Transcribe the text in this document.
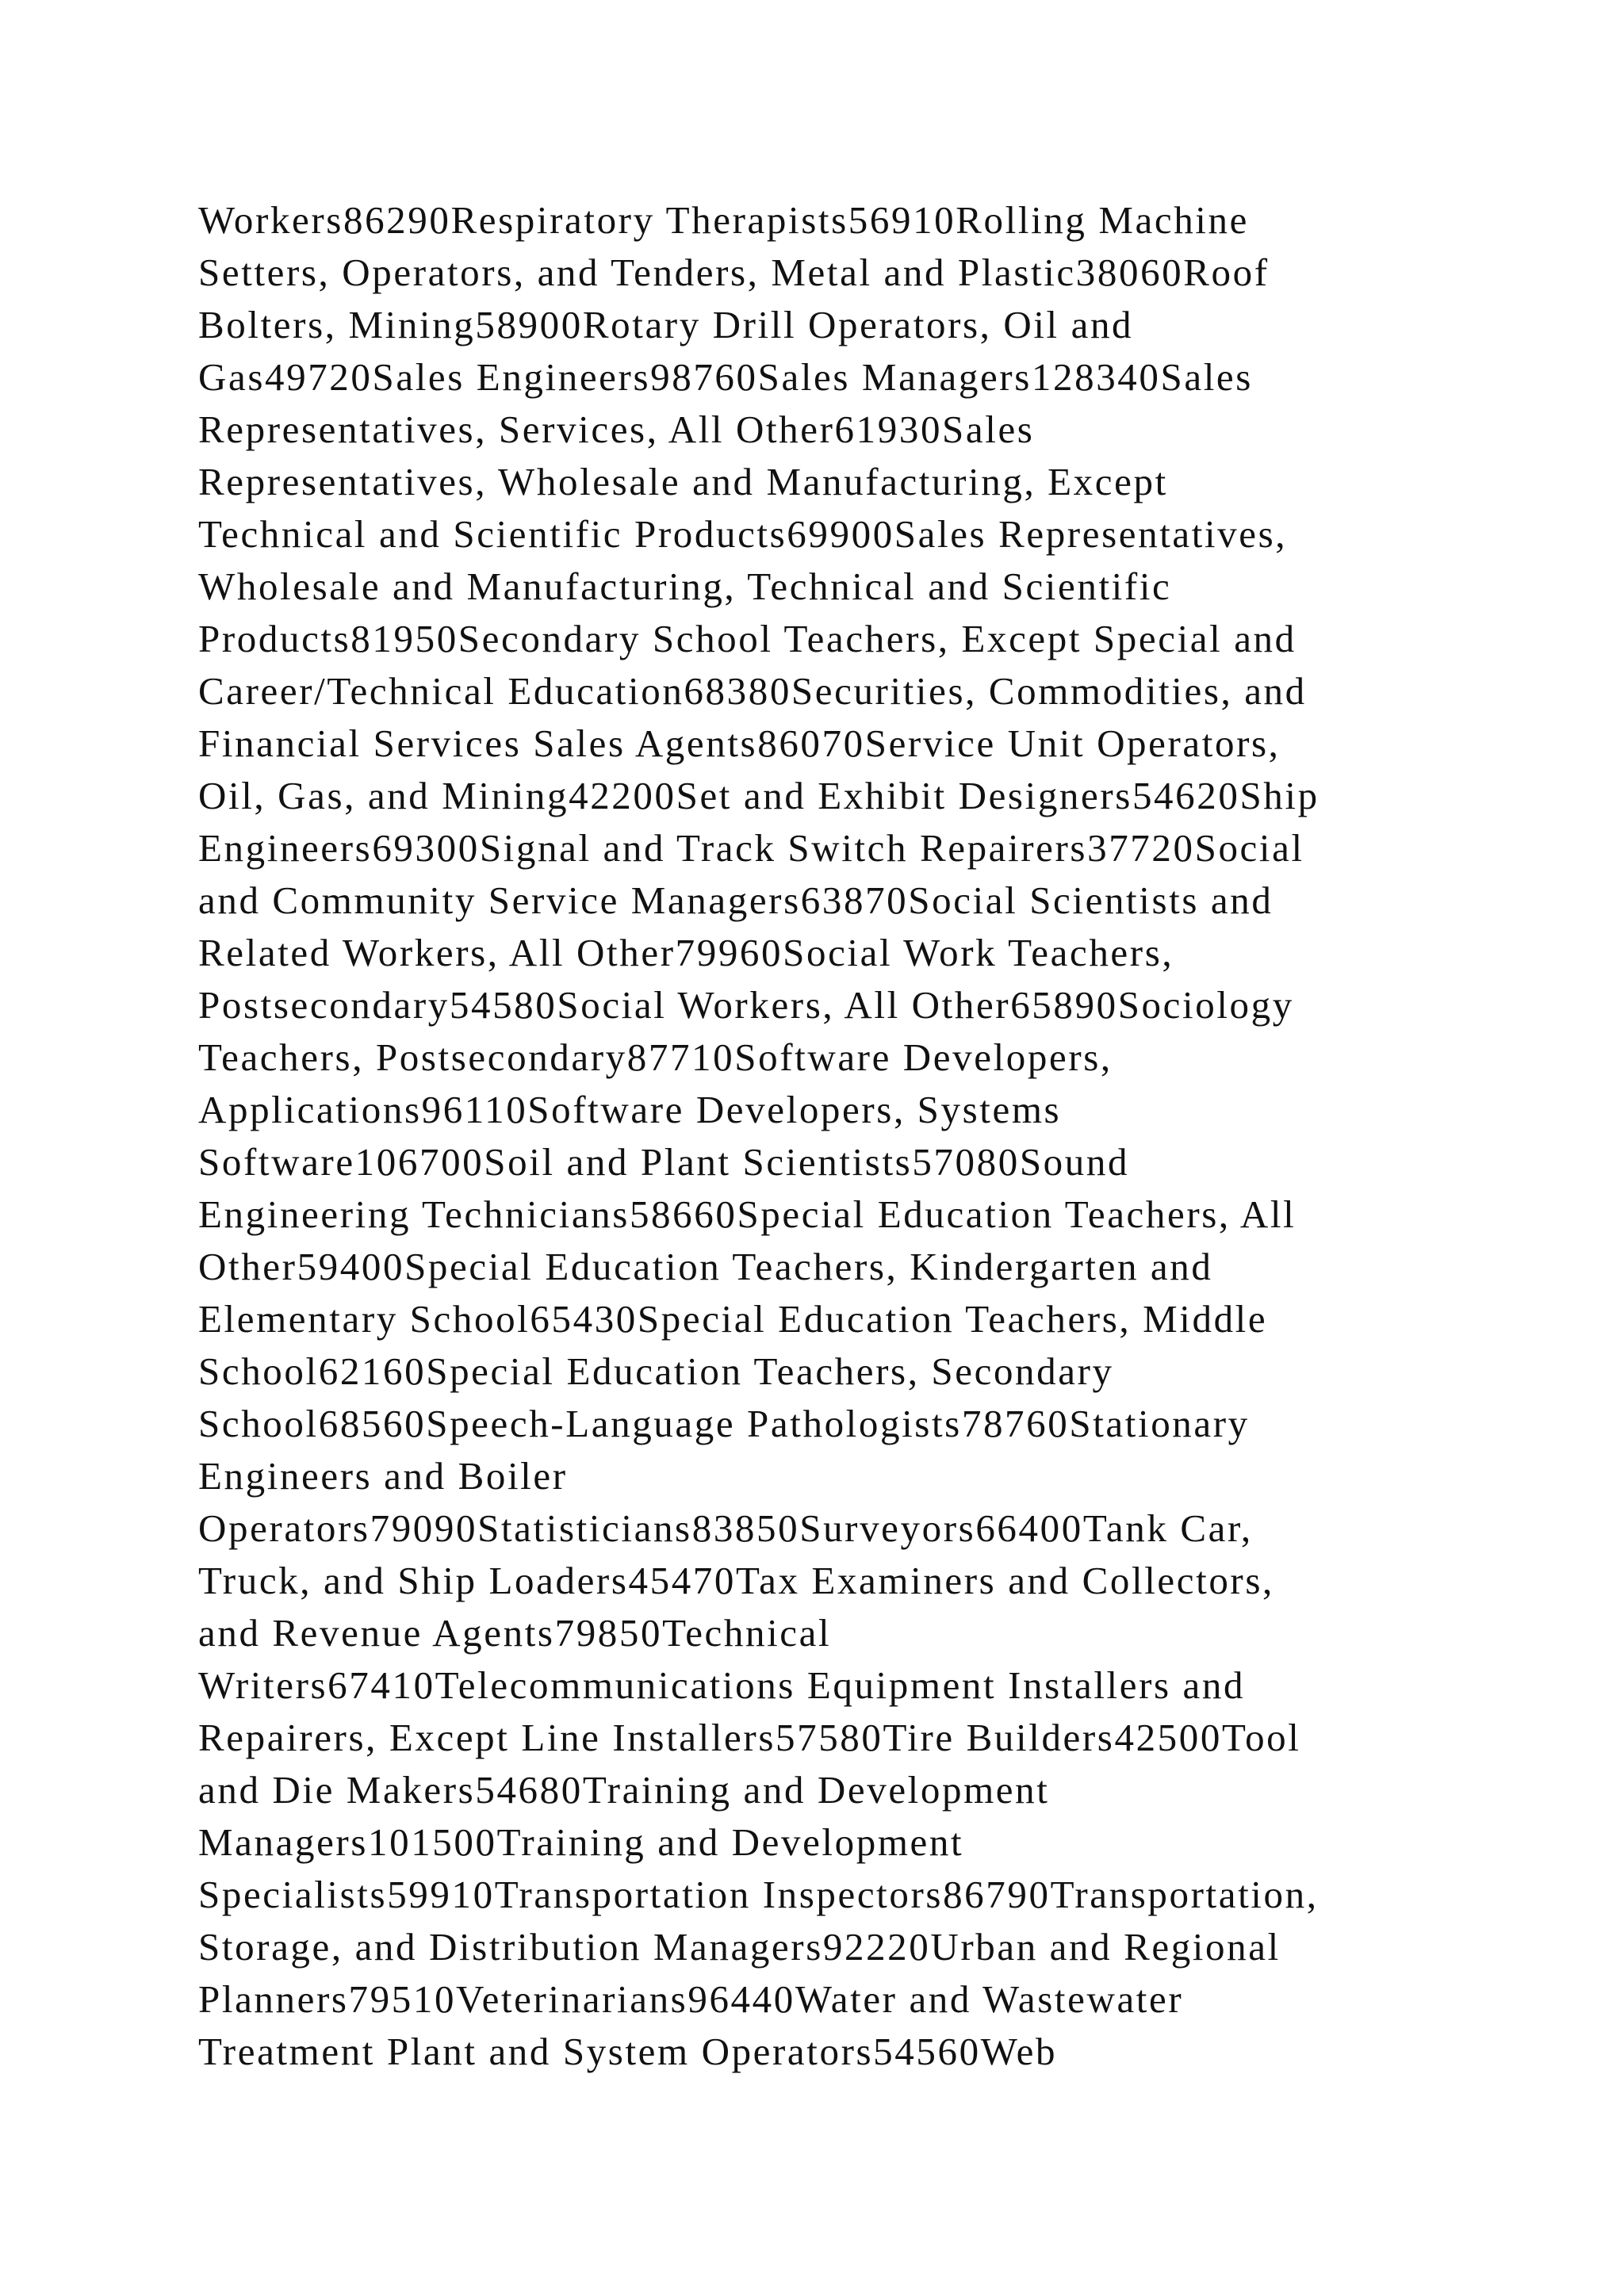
Workers86290Respiratory Therapists56910Rolling Machine
Setters, Operators, and Tenders, Metal and Plastic38060Roof
Bolters, Mining58900Rotary Drill Operators, Oil and
Gas49720Sales Engineers98760Sales Managers128340Sales
Representatives, Services, All Other61930Sales
Representatives, Wholesale and Manufacturing, Except
Technical and Scientific Products69900Sales Representatives,
Wholesale and Manufacturing, Technical and Scientific
Products81950Secondary School Teachers, Except Special and
Career/Technical Education68380Securities, Commodities, and
Financial Services Sales Agents86070Service Unit Operators,
Oil, Gas, and Mining42200Set and Exhibit Designers54620Ship
Engineers69300Signal and Track Switch Repairers37720Social
and Community Service Managers63870Social Scientists and
Related Workers, All Other79960Social Work Teachers,
Postsecondary54580Social Workers, All Other65890Sociology
Teachers, Postsecondary87710Software Developers,
Applications96110Software Developers, Systems
Software106700Soil and Plant Scientists57080Sound
Engineering Technicians58660Special Education Teachers, All
Other59400Special Education Teachers, Kindergarten and
Elementary School65430Special Education Teachers, Middle
School62160Special Education Teachers, Secondary
School68560Speech-Language Pathologists78760Stationary
Engineers and Boiler
Operators79090Statisticians83850Surveyors66400Tank Car,
Truck, and Ship Loaders45470Tax Examiners and Collectors,
and Revenue Agents79850Technical
Writers67410Telecommunications Equipment Installers and
Repairers, Except Line Installers57580Tire Builders42500Tool
and Die Makers54680Training and Development
Managers101500Training and Development
Specialists59910Transportation Inspectors86790Transportation,
Storage, and Distribution Managers92220Urban and Regional
Planners79510Veterinarians96440Water and Wastewater
Treatment Plant and System Operators54560Web
